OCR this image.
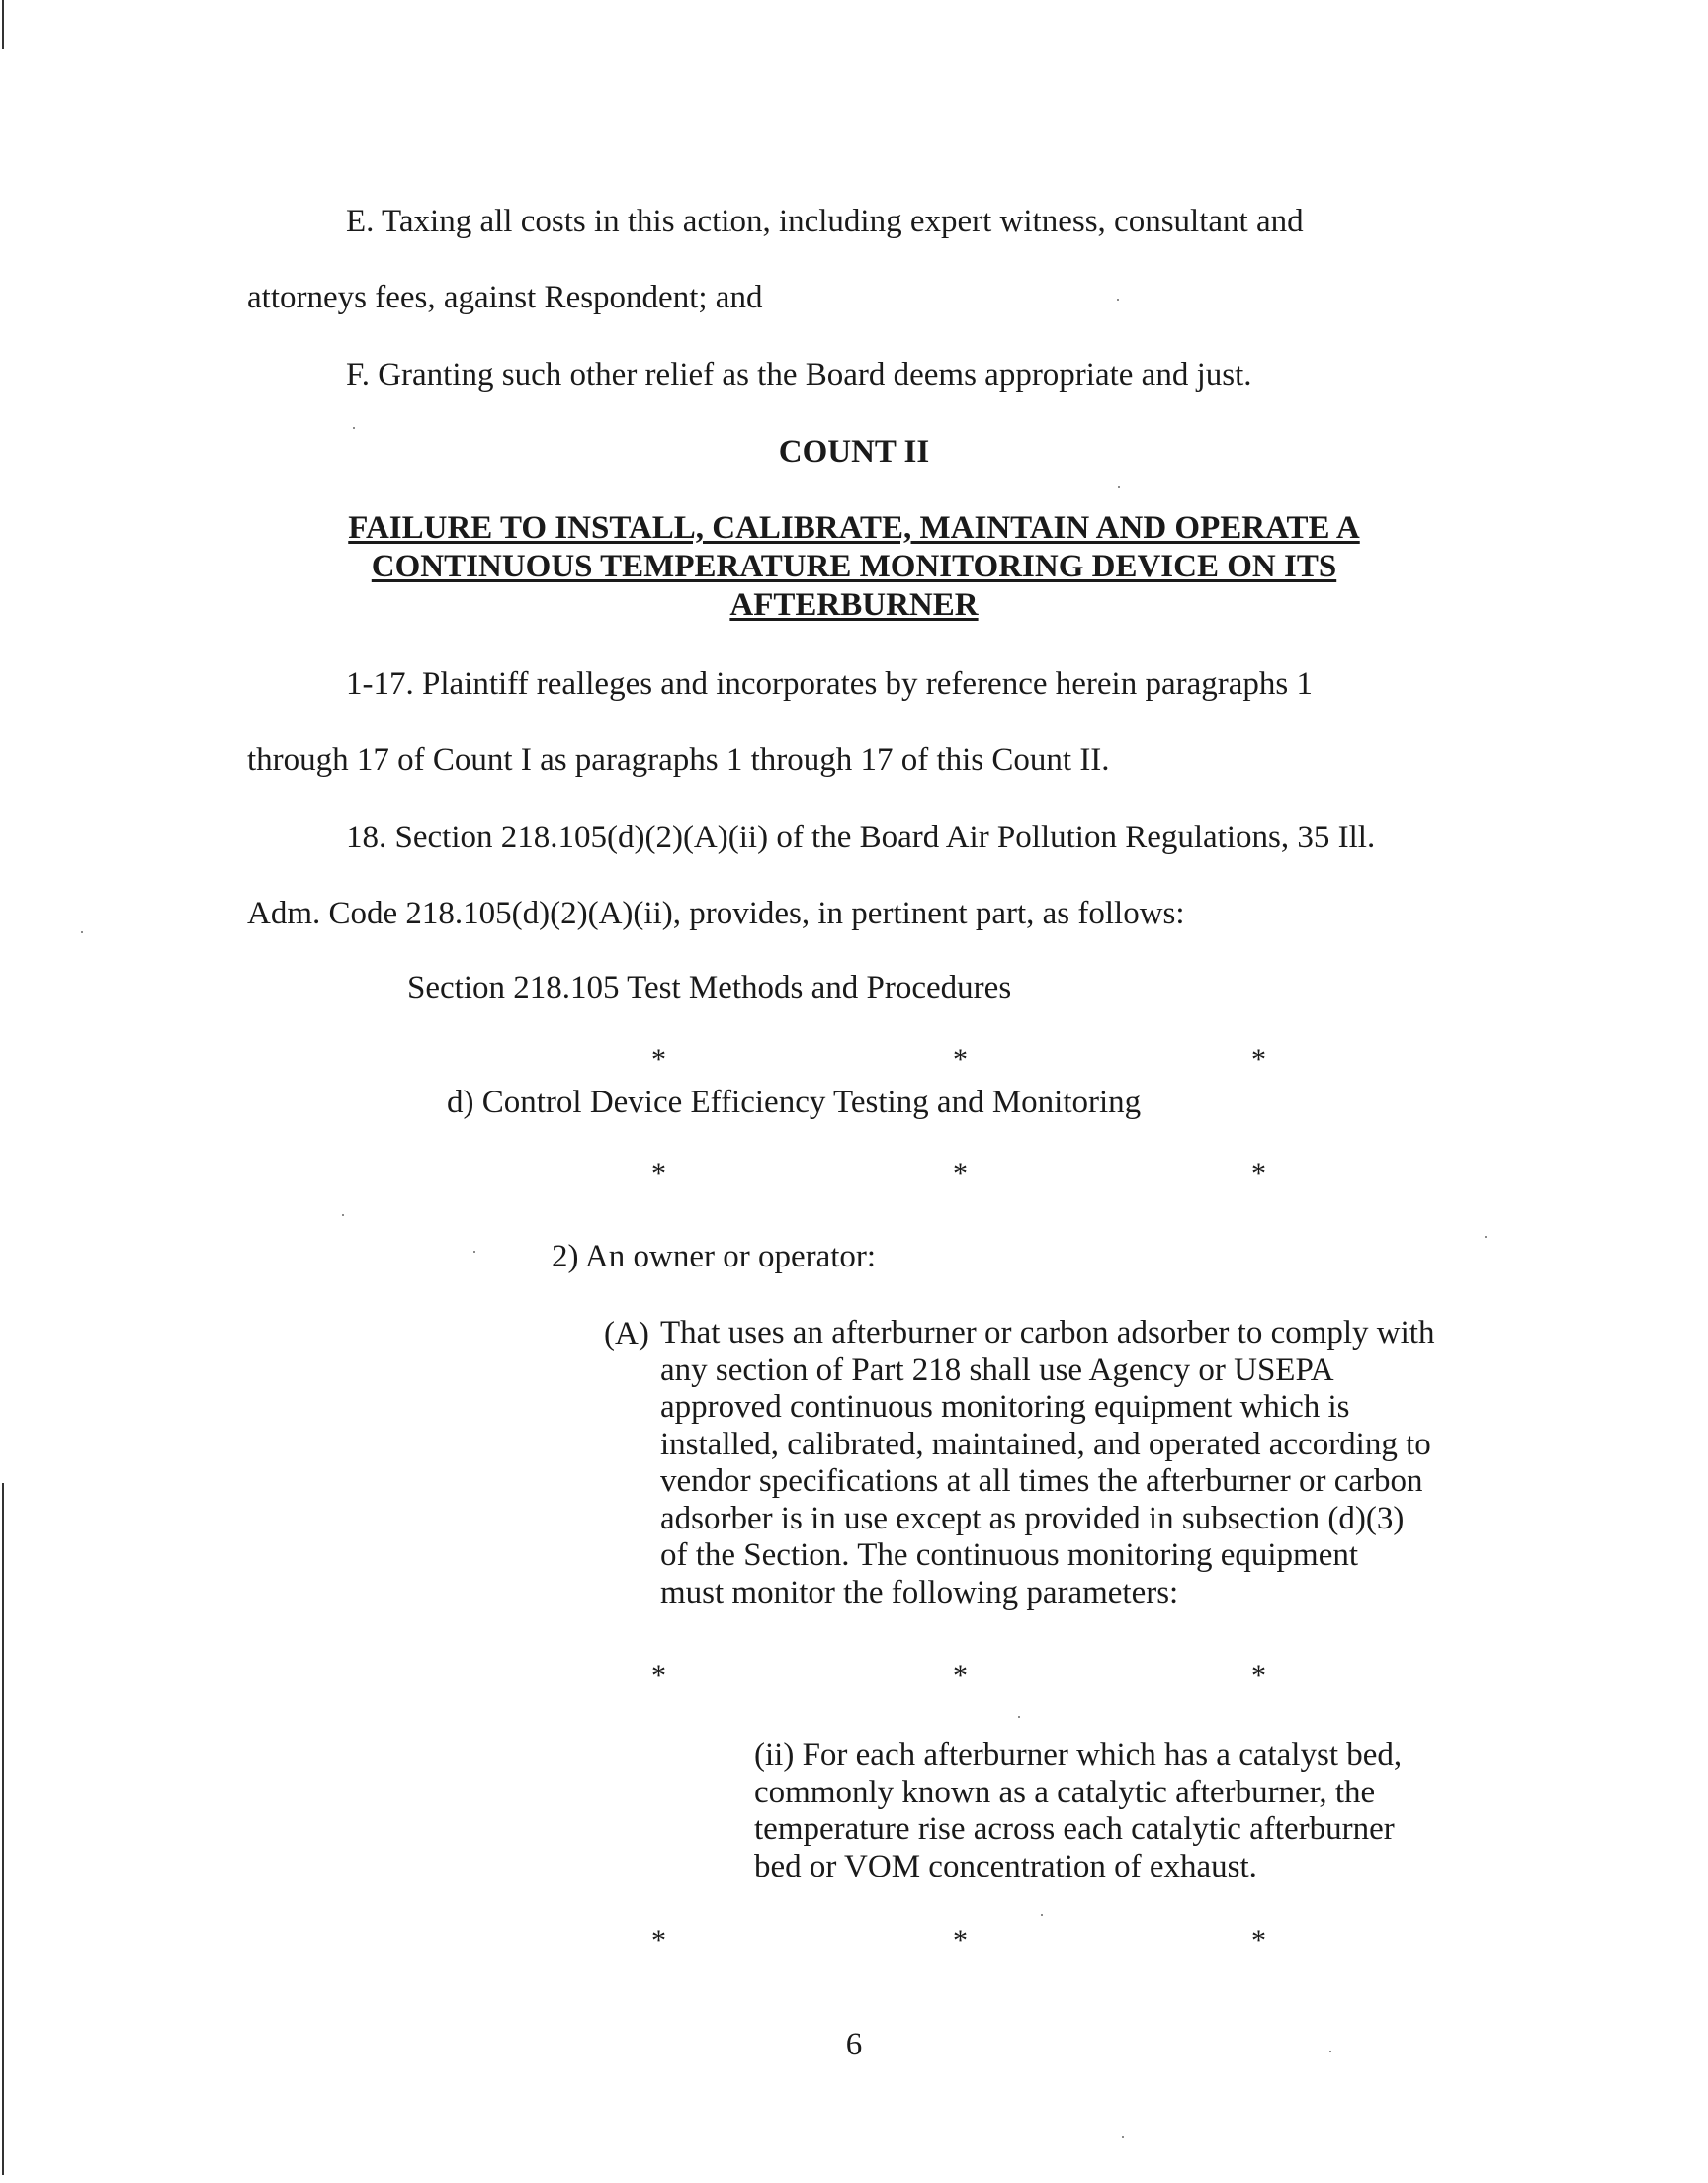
E. Taxing all costs in this action, including expert witness, consultant and
attorneys fees, against Respondent; and
F. Granting such other relief as the Board deems appropriate and just.
COUNT II
FAILURE TO INSTALL, CALIBRATE, MAINTAIN AND OPERATE A
CONTINUOUS TEMPERATURE MONITORING DEVICE ON ITS
AFTERBURNER
1-17. Plaintiff realleges and incorporates by reference herein paragraphs 1
through 17 of Count I as paragraphs 1 through 17 of this Count II.
18. Section 218.105(d)(2)(A)(ii) of the Board Air Pollution Regulations, 35 Ill.
Adm. Code 218.105(d)(2)(A)(ii), provides, in pertinent part, as follows:
Section 218.105 Test Methods and Procedures
*	*	*
d) Control Device Efficiency Testing and Monitoring
*	*	*
2) An owner or operator:
(A) That uses an afterburner or carbon adsorber to comply with
any section of Part 218 shall use Agency or USEPA
approved continuous monitoring equipment which is
installed, calibrated, maintained, and operated according to
vendor specifications at all times the afterburner or carbon
adsorber is in use except as provided in subsection (d)(3)
of the Section. The continuous monitoring equipment
must monitor the following parameters:
*	*	*
(ii) For each afterburner which has a catalyst bed,
commonly known as a catalytic afterburner, the
temperature rise across each catalytic afterburner
bed or VOM concentration of exhaust.
*	*	*
6
